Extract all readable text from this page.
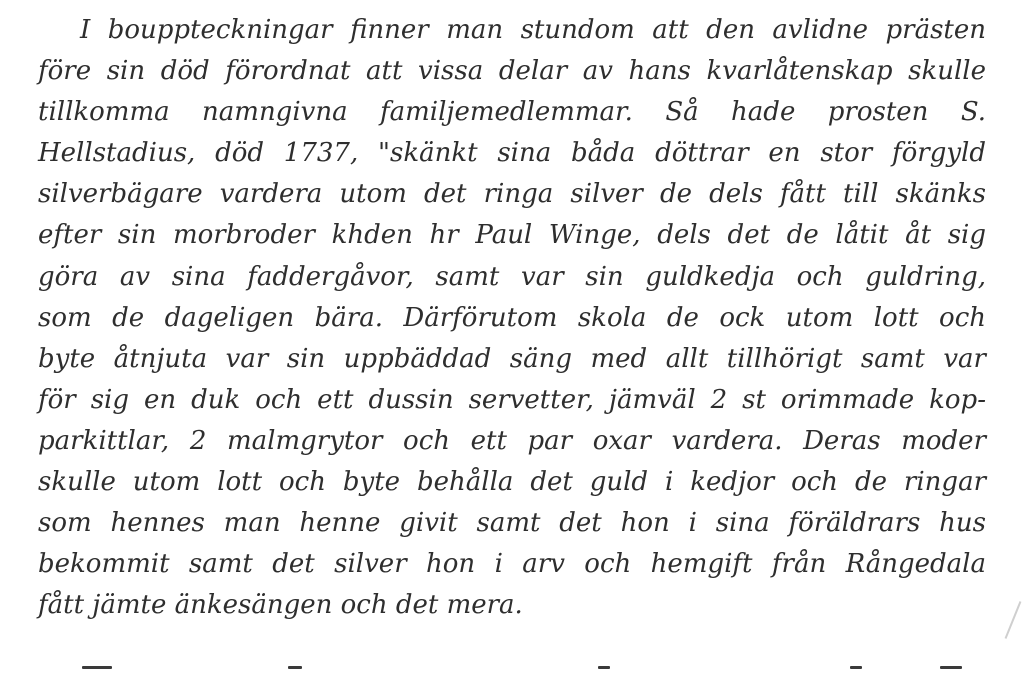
I bouppteckningar finner man stundom att den avlidne prästen
före sin död förordnat att vissa delar av hans kvarlåtenskap skulle
tillkomma namngivna familjemedlemmar. Så hade prosten S.
Hellstadius, död 1737, "skänkt sina båda döttrar en stor förgyld
silverbägare vardera utom det ringa silver de dels fått till skänks
efter sin morbroder khden hr Paul Winge, dels det de låtit åt sig
göra av sina faddergåvor, samt var sin guldkedja och guldring,
som de dageligen bära. Därförutom skola de ock utom lott och
byte åtnjuta var sin uppbäddad säng med allt tillhörigt samt var
för sig en duk och ett dussin servetter, jämväl 2 st orimmade kop-
parkittlar, 2 malmgrytor och ett par oxar vardera. Deras moder
skulle utom lott och byte behålla det guld i kedjor och de ringar
som hennes man henne givit samt det hon i sina föräldrars hus
bekommit samt det silver hon i arv och hemgift från Rångedala
fått jämte änkesängen och det mera.
